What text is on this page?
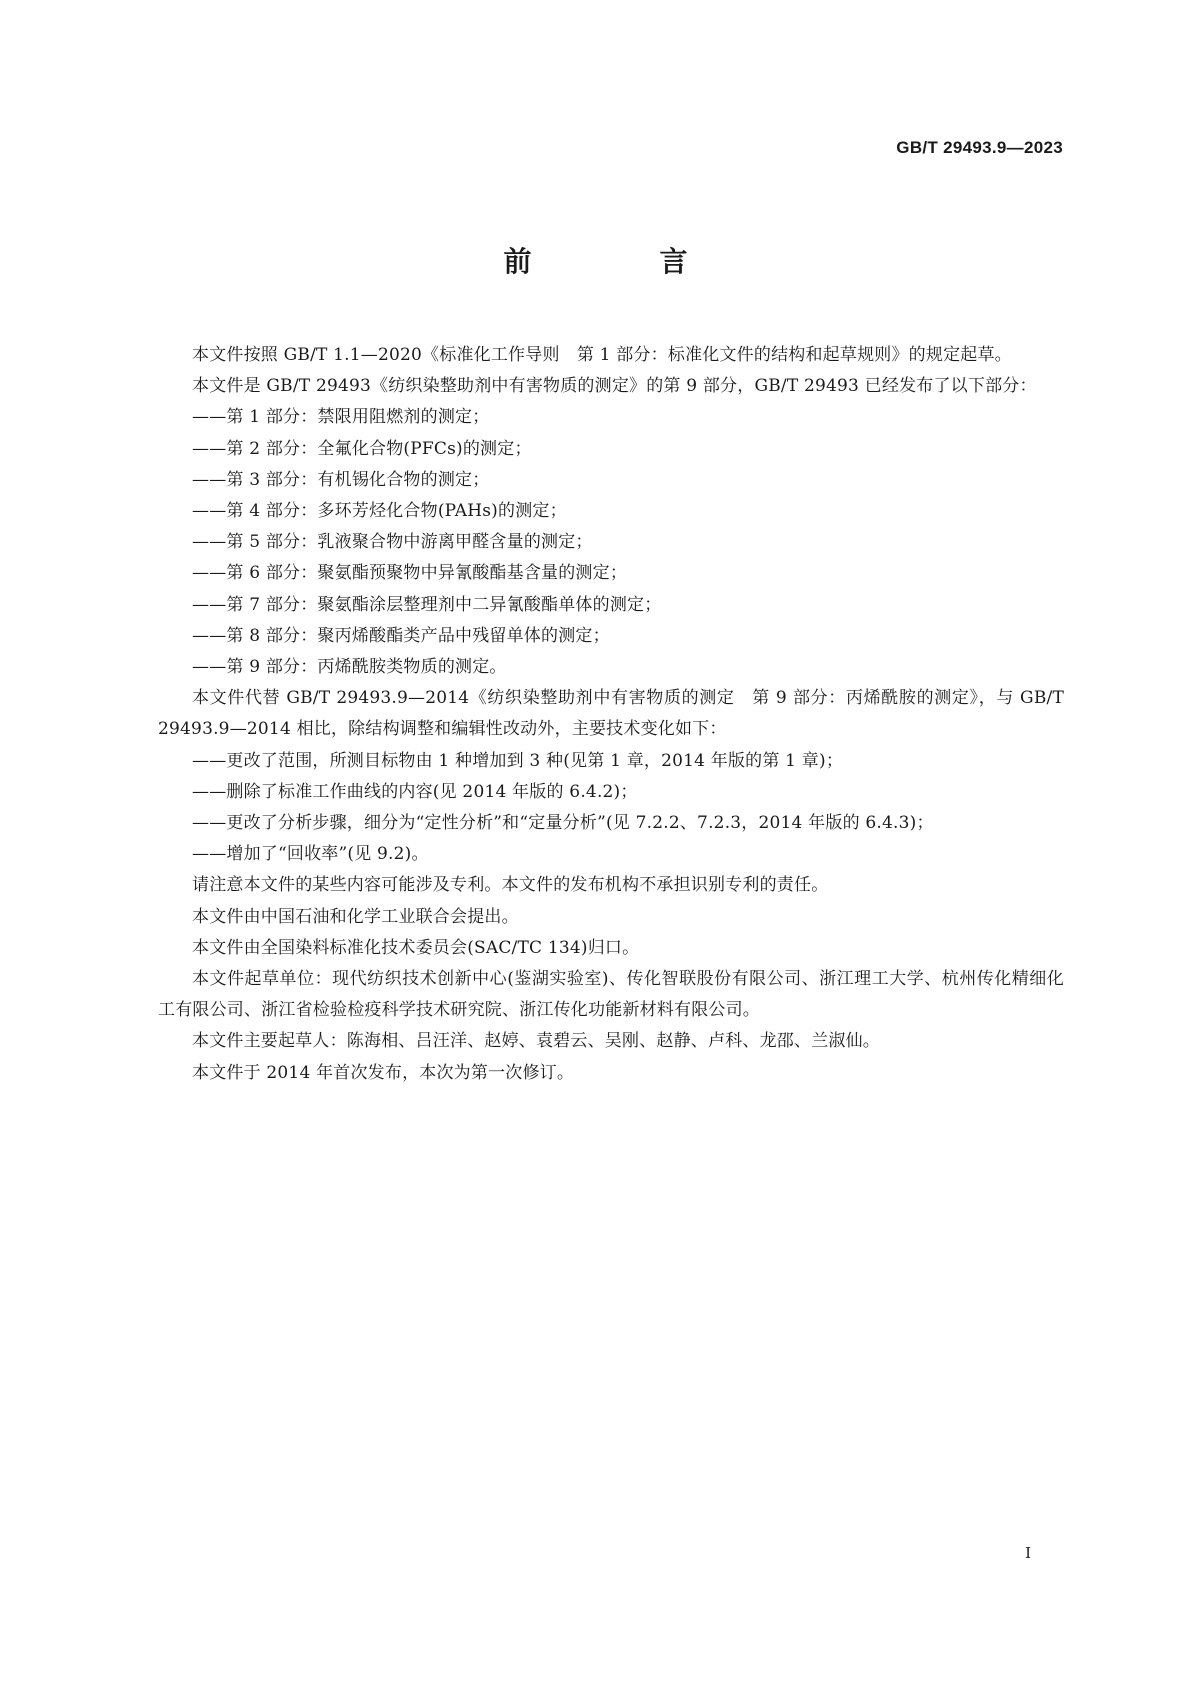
GB/T 29493.9—2023
前　言

本文件按照 GB/T 1.1—2020《标准化工作导则　第 1 部分：标准化文件的结构和起草规则》的规定起草。

本文件是 GB/T 29493《纺织染整助剂中有害物质的测定》的第 9 部分，GB/T 29493 已经发布了以下部分：

——第 1 部分：禁限用阻燃剂的测定；

——第 2 部分：全氟化合物(PFCs)的测定；

——第 3 部分：有机锡化合物的测定；

——第 4 部分：多环芳烃化合物(PAHs)的测定；

——第 5 部分：乳液聚合物中游离甲醛含量的测定；

——第 6 部分：聚氨酯预聚物中异氰酸酯基含量的测定；

——第 7 部分：聚氨酯涂层整理剂中二异氰酸酯单体的测定；

——第 8 部分：聚丙烯酸酯类产品中残留单体的测定；

——第 9 部分：丙烯酰胺类物质的测定。

本文件代替 GB/T 29493.9—2014《纺织染整助剂中有害物质的测定　第 9 部分：丙烯酰胺的测定》，与 GB/T 29493.9—2014 相比，除结构调整和编辑性改动外，主要技术变化如下：

——更改了范围，所测目标物由 1 种增加到 3 种(见第 1 章，2014 年版的第 1 章)；

——删除了标准工作曲线的内容(见 2014 年版的 6.4.2)；

——更改了分析步骤，细分为“定性分析”和“定量分析”(见 7.2.2、7.2.3，2014 年版的 6.4.3)；

——增加了“回收率”(见 9.2)。

请注意本文件的某些内容可能涉及专利。本文件的发布机构不承担识别专利的责任。

本文件由中国石油和化学工业联合会提出。

本文件由全国染料标准化技术委员会(SAC/TC 134)归口。

本文件起草单位：现代纺织技术创新中心(鉴湖实验室)、传化智联股份有限公司、浙江理工大学、杭州传化精细化工有限公司、浙江省检验检疫科学技术研究院、浙江传化功能新材料有限公司。

本文件主要起草人：陈海相、吕汪洋、赵婷、袁碧云、吴刚、赵静、卢科、龙邵、兰淑仙。

本文件于 2014 年首次发布，本次为第一次修订。

I
